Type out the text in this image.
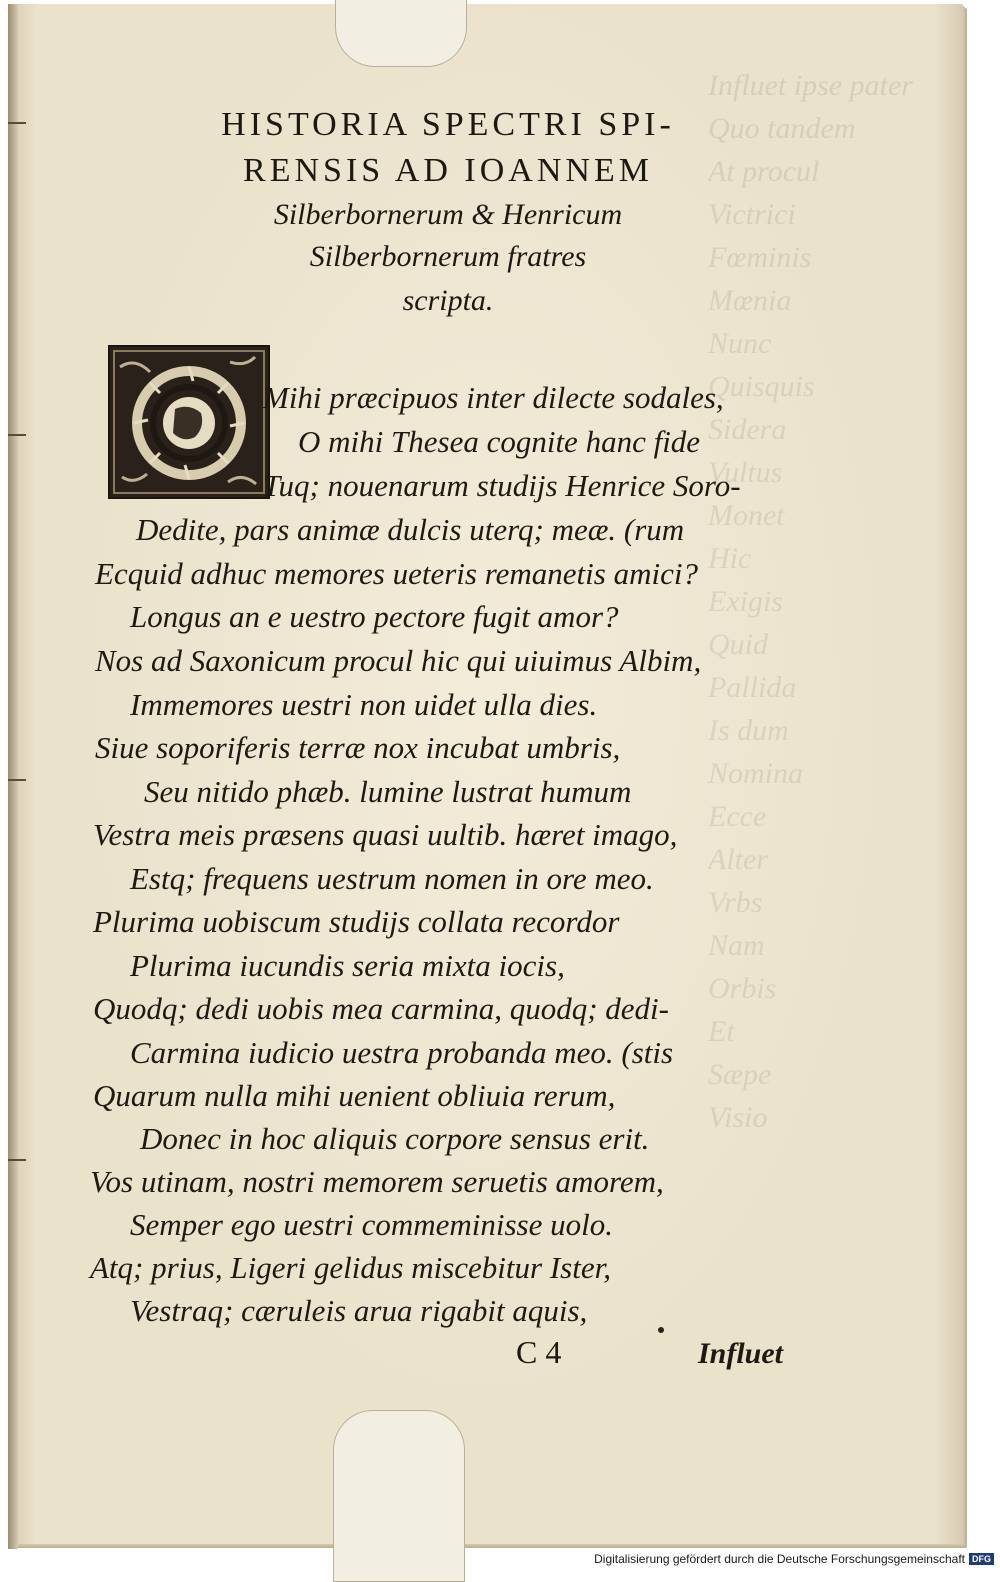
Influet ipse pater
Quo tandem
At procul
Victrici
Fœminis
Mœnia
Nunc
Quisquis
Sidera
Vultus
Monet
Hic
Exigis
Quid
Pallida
Is dum
Nomina
Ecce
Alter
Vrbs
Nam
Orbis
Et
Sæpe
Visio
HISTORIA SPECTRI SPI-
RENSIS AD IOANNEM

Silberbornerum & Henricum

Silberbornerum fratres

scripta.

Mihi præcipuos inter dilecte sodales,

O mihi Thesea cognite hanc fide

Tuq; nouenarum studijs Henrice Soro-

Dedite, pars animæ dulcis uterq; meæ. (rum

Ecquid adhuc memores ueteris remanetis amici?

Longus an e uestro pectore fugit amor?

Nos ad Saxonicum procul hic qui uiuimus Albim,

Immemores uestri non uidet ulla dies.

Siue soporiferis terræ nox incubat umbris,

Seu nitido phæb. lumine lustrat humum

Vestra meis præsens quasi uultib. hæret imago,

Estq; frequens uestrum nomen in ore meo.

Plurima uobiscum studijs collata recordor

Plurima iucundis seria mixta iocis,

Quodq; dedi uobis mea carmina, quodq; dedi-

Carmina iudicio uestra probanda meo. (stis

Quarum nulla mihi uenient obliuia rerum,

Donec in hoc aliquis corpore sensus erit.

Vos utinam, nostri memorem seruetis amorem,

Semper ego uestri commeminisse uolo.

Atq; prius, Ligeri gelidus miscebitur Ister,

Vestraq; cæruleis arua rigabit aquis,

C 4	Influet

Digitalisierung gefördert durch die Deutsche Forschungsgemeinschaft DFG
